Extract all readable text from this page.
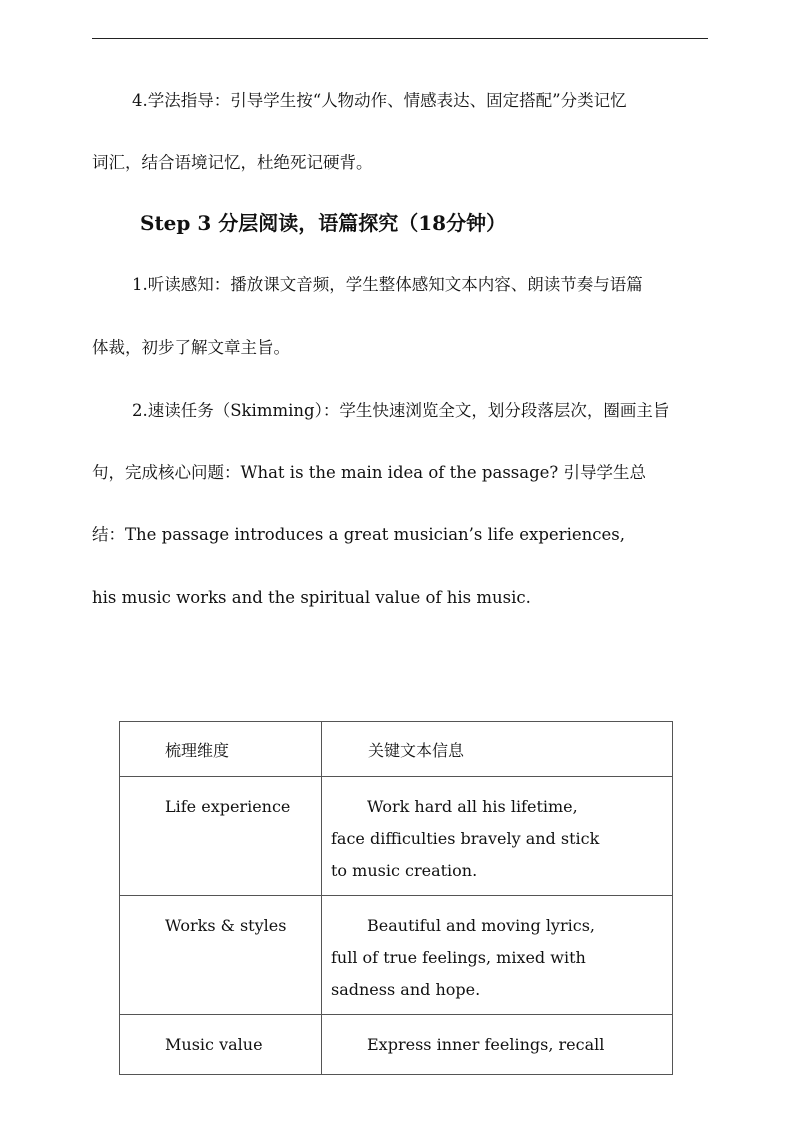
4.学法指导：引导学生按“人物动作、情感表达、固定搭配”分类记忆
词汇，结合语境记忆，杜绝死记硬背。
Step 3 分层阅读，语篇探究（18分钟）
1.听读感知：播放课文音频，学生整体感知文本内容、朗读节奏与语篇
体裁，初步了解文章主旨。
2.速读任务（Skimming）：学生快速浏览全文，划分段落层次，圈画主旨
句，完成核心问题：What is the main idea of the passage? 引导学生总
结：The passage introduces a great musician’s life experiences,
his music works and the spiritual value of his music.
梳理维度	关键文本信息

Life experience	Work hard all his lifetime,
face difficulties bravely and stick
to music creation.

Works & styles	Beautiful and moving lyrics,
full of true feelings, mixed with
sadness and hope.

Music value	Express inner feelings, recall
